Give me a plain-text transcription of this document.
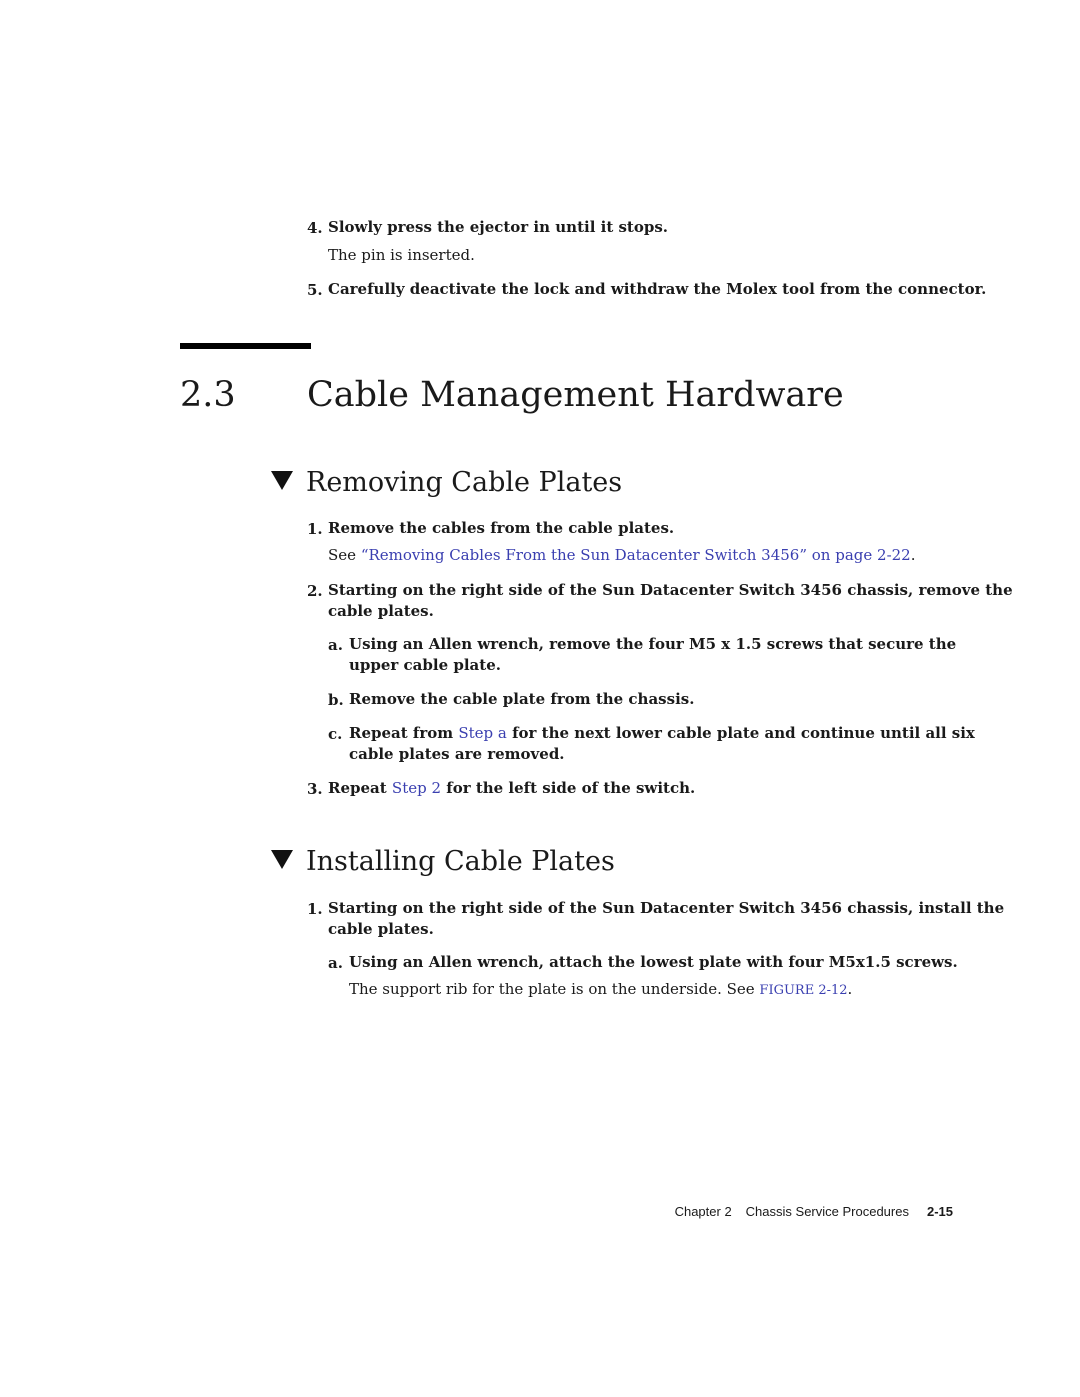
4. Slowly press the ejector in until it stops.
The pin is inserted.
5. Carefully deactivate the lock and withdraw the Molex tool from the connector.
2.3 Cable Management Hardware
Removing Cable Plates
1. Remove the cables from the cable plates.
See “Removing Cables From the Sun Datacenter Switch 3456” on page 2-22.
2. Starting on the right side of the Sun Datacenter Switch 3456 chassis, remove the
cable plates.
a. Using an Allen wrench, remove the four M5 x 1.5 screws that secure the
upper cable plate.
b. Remove the cable plate from the chassis.
c. Repeat from Step a for the next lower cable plate and continue until all six
cable plates are removed.
3. Repeat Step 2 for the left side of the switch.
Installing Cable Plates
1. Starting on the right side of the Sun Datacenter Switch 3456 chassis, install the
cable plates.
a. Using an Allen wrench, attach the lowest plate with four M5x1.5 screws.
The support rib for the plate is on the underside. See FIGURE 2-12.
Chapter 2 Chassis Service Procedures 2-15
